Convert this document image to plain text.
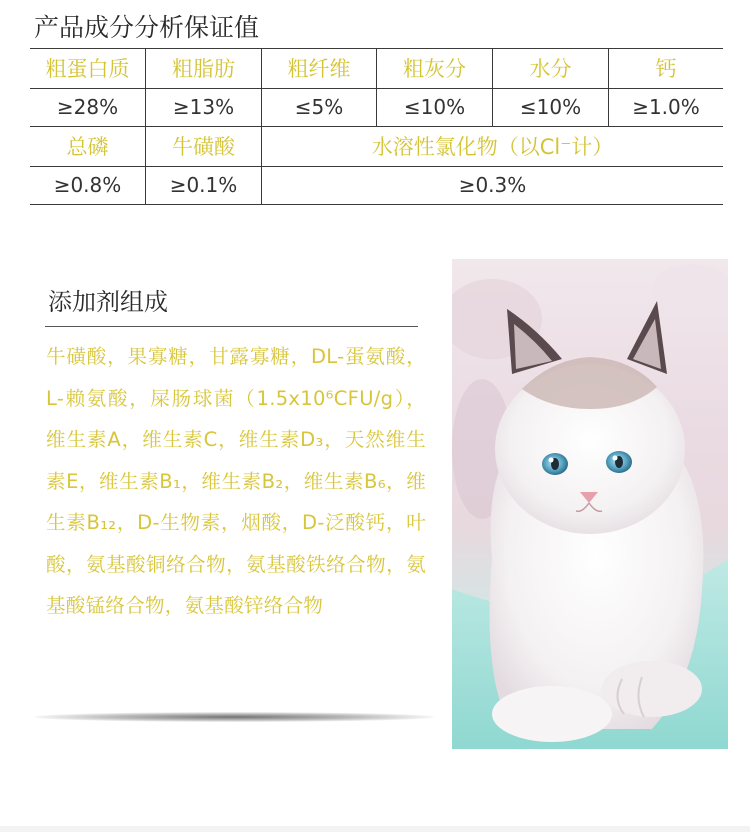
产品成分分析保证值
粗蛋白质	粗脂肪	粗纤维	粗灰分	水分	钙
≥28%	≥13%	≤5%	≤10%	≤10%	≥1.0%
总磷	牛磺酸	水溶性氯化物（以Cl⁻计）
≥0.8%	≥0.1%	≥0.3%
添加剂组成
牛磺酸，果寡糖，甘露寡糖，DL-蛋氨酸，L-赖氨酸，屎肠球菌（1.5x10⁶CFU/g），维生素A，维生素C，维生素D₃，天然维生素E，维生素B₁，维生素B₂，维生素B₆，维生素B₁₂，D-生物素，烟酸，D-泛酸钙，叶酸，氨基酸铜络合物，氨基酸铁络合物，氨基酸锰络合物，氨基酸锌络合物
